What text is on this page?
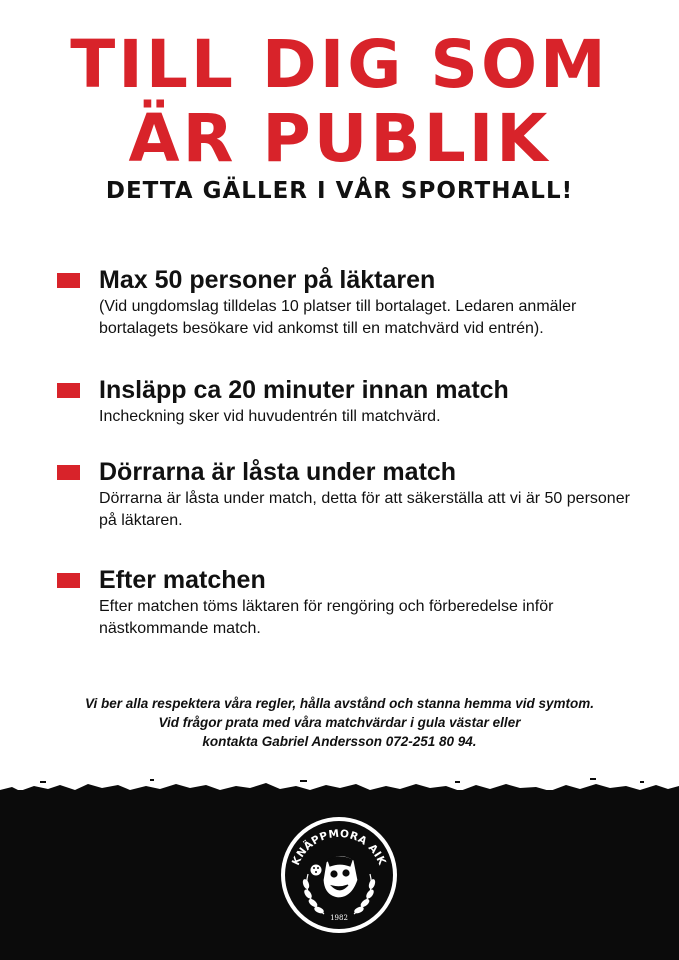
TILL DIG SOM
ÄR PUBLIK
DETTA GÄLLER I VÅR SPORTHALL!
Max 50 personer på läktaren
(Vid ungdomslag tilldelas 10 platser till bortalaget. Ledaren anmäler bortalagets besökare vid ankomst till en matchvärd vid entrén).
Insläpp ca 20 minuter innan match
Incheckning sker vid huvudentrén till matchvärd.
Dörrarna är låsta under match
Dörrarna är låsta under match, detta för att säkerställa att vi är 50 personer på läktaren.
Efter matchen
Efter matchen töms läktaren för rengöring och förberedelse inför nästkommande match.
Vi ber alla respektera våra regler, hålla avstånd och stanna hemma vid symtom.
Vid frågor prata med våra matchvärdar i gula västar eller
kontakta Gabriel Andersson 072-251 80 94.
KNÄPPMORA AIK
1982
